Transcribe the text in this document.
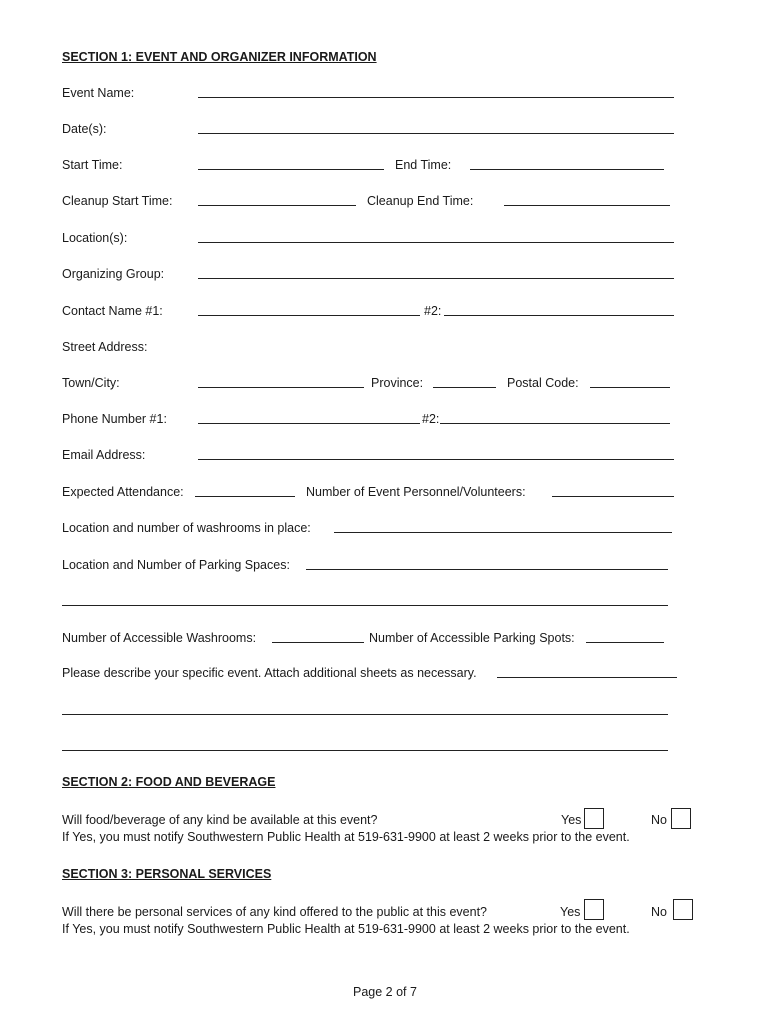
SECTION 1: EVENT AND ORGANIZER INFORMATION
Event Name:
Date(s):
Start Time:	End Time:
Cleanup Start Time:	Cleanup End Time:
Location(s):
Organizing Group:
Contact Name #1:	#2:
Street Address:
Town/City:	Province:	Postal Code:
Phone Number #1:	#2:
Email Address:
Expected Attendance:	Number of Event Personnel/Volunteers:
Location and number of washrooms in place:
Location and Number of Parking Spaces:
Number of Accessible Washrooms:	Number of Accessible Parking Spots:
Please describe your specific event. Attach additional sheets as necessary.
SECTION 2: FOOD AND BEVERAGE
Will food/beverage of any kind be available at this event?	Yes	No
If Yes, you must notify Southwestern Public Health at 519-631-9900 at least 2 weeks prior to the event.
SECTION 3: PERSONAL SERVICES
Will there be personal services of any kind offered to the public at this event?	Yes	No
If Yes, you must notify Southwestern Public Health at 519-631-9900 at least 2 weeks prior to the event.
Page 2 of 7
